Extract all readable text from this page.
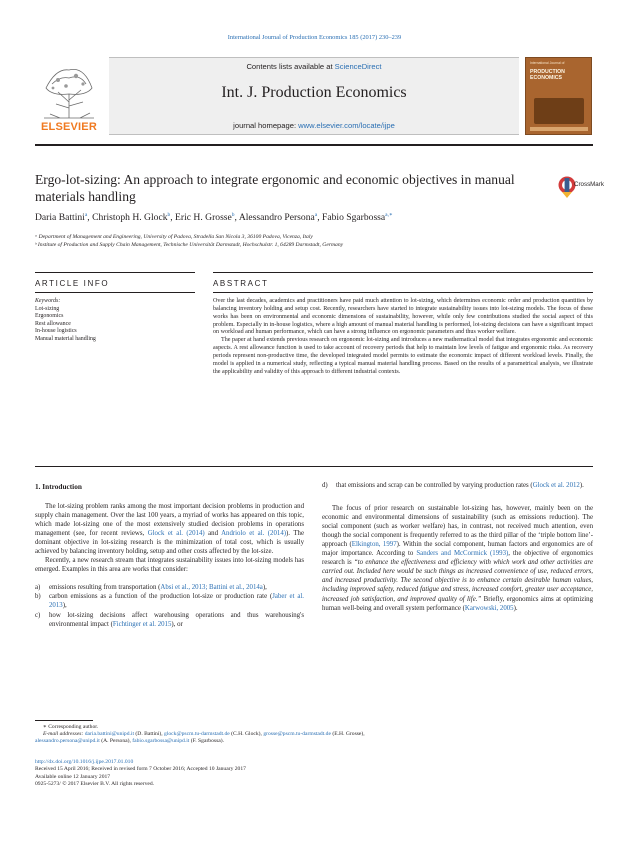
International Journal of Production Economics 185 (2017) 230–239
ELSEVIER
Contents lists available at ScienceDirect
Int. J. Production Economics
journal homepage: www.elsevier.com/locate/ijpe
International Journal of
PRODUCTION ECONOMICS
Ergo-lot-sizing: An approach to integrate ergonomic and economic objectives in manual materials handling
CrossMark
Daria Battini$^a$, Christoph H. Glock$^b$, Eric H. Grosse$^b$, Alessandro Persona$^a$, Fabio Sgarbossa$^{a,∗}$
ᵃ Department of Management and Engineering, University of Padova, Stradella San Nicola 3, 36100 Padova, Vicenza, Italy
ᵇ Institute of Production and Supply Chain Management, Technische Universität Darmstadt, Hochschulstr. 1, 64289 Darmstadt, Germany
ARTICLE INFO	ABSTRACT
Keywords:
Lot-sizing
Ergonomics
Rest allowance
In-house logistics
Manual material handling

Over the last decades, academics and practitioners have paid much attention to lot-sizing, which determines economic order and production quantities by balancing inventory holding and setup cost. Recently, researchers have started to integrate sustainability issues into lot-sizing models. The focus of these works has been on environmental and economic dimensions of sustainability, however, while only few contributions studied the social aspect of this problem. Especially in in-house logistics, where a high amount of manual material handling is performed, lot-sizing decisions can have a significant impact on workload and human performance, which can have a strong influence on ergonomic parameters and thus worker welfare.

The paper at hand extends previous research on ergonomic lot-sizing and introduces a new mathematical model that integrates ergonomic and economic aspects. A rest allowance function is used to take account of recovery periods that help to maintain low levels of fatigue and ergonomic risks. As recovery periods represent non-productive time, the developed integrated model permits to estimate the economic impact of different workload levels. Finally, the model is applied in a numerical study, reflecting a typical manual material handling process. Based on the results of a parametrical analysis, we illustrate the applicability and validity of this approach to different industrial contexts.

1. Introduction

The lot-sizing problem ranks among the most important decision problems in production and supply chain management. Over the last 100 years, a myriad of works has appeared on this topic, which made lot-sizing one of the most extensively studied decision problems in operations management (see, for recent reviews, Glock et al. (2014) and Andriolo et al. (2014)). The dominant objective in lot-sizing research is the minimization of total cost, which is usually achieved by balancing inventory holding, setup and other costs affected by the lot-size.

Recently, a new research stream that integrates sustainability issues into lot-sizing models has emerged. Examples in this area are works that consider:

a)	emissions resulting from transportation (Absi et al., 2013; Battini et al., 2014a),
b)	carbon emissions as a function of the production lot-size or production rate (Jaber et al. 2013),
c)	how lot-sizing decisions affect warehousing operations and thus warehousing's environmental impact (Fichtinger et al. 2015), or
d)	that emissions and scrap can be controlled by varying production rates (Glock et al. 2012).

The focus of prior research on sustainable lot-sizing has, however, mainly been on the economic and environmental dimensions of sustainability (such as emissions reduction). The social component (such as worker welfare) has, in contrast, not received much attention, even though the social component is frequently referred to as the third pillar of the ‘triple bottom line’-approach (Elkington, 1997). Within the social component, human factors and ergonomics are of major importance. According to Sanders and McCormick (1993), the objective of ergonomics research is “to enhance the effectiveness and efficiency with which work and other activities are carried out. Included here would be such things as increased convenience of use, reduced errors, and increased productivity. The second objective is to enhance certain desirable human values, including improved safety, reduced fatigue and stress, increased comfort, greater user acceptance, increased job satisfaction, and improved quality of life.” Briefly, ergonomics aims at optimizing human well-being and overall system performance (Karwowski, 2005).

∗ Corresponding author.
E-mail addresses: daria.battini@unipd.it (D. Battini), glock@pscm.tu-darmstadt.de (C.H. Glock), grosse@pscm.tu-darmstadt.de (E.H. Grosse),
alessandro.persona@unipd.it (A. Persona), fabio.sgarbossa@unipd.it (F. Sgarbossa).
http://dx.doi.org/10.1016/j.ijpe.2017.01.010
Received 15 April 2016; Received in revised form 7 October 2016; Accepted 10 January 2017
Available online 12 January 2017
0925-5273/ © 2017 Elsevier B.V. All rights reserved.
